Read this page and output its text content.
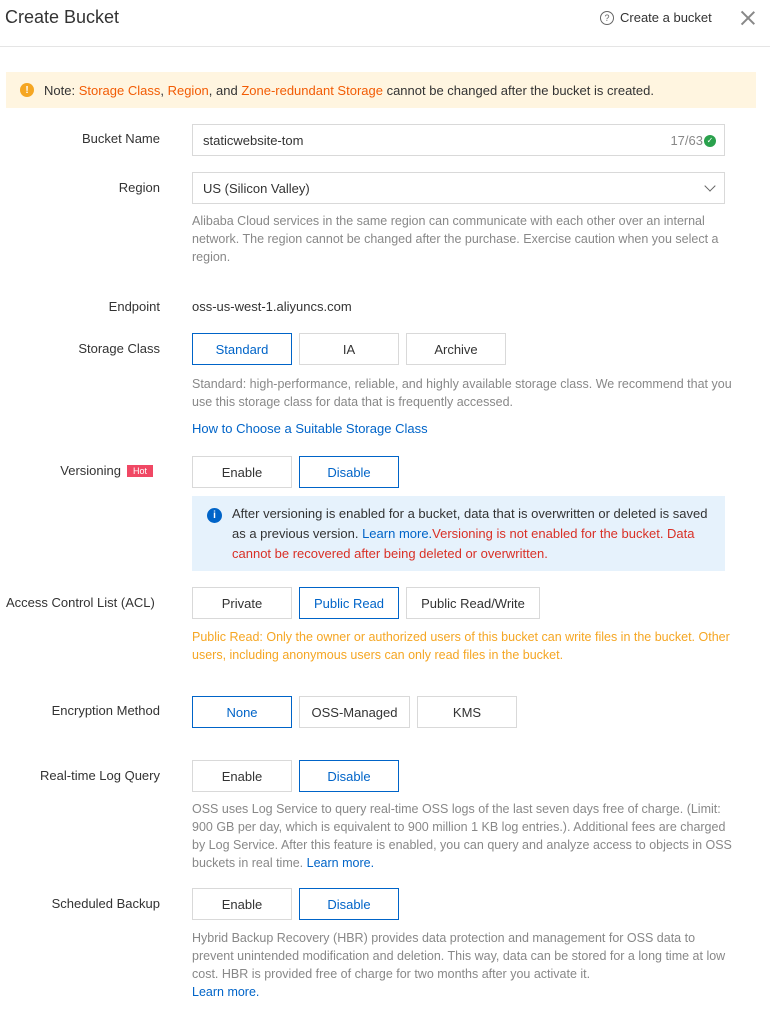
Create Bucket	? Create a bucket
!	Note: Storage Class, Region, and Zone-redundant Storage cannot be changed after the bucket is created.
Bucket Name	staticwebsite-tom	17/63 ✓
Region	US (Silicon Valley)
Alibaba Cloud services in the same region can communicate with each other over an internal network. The region cannot be changed after the purchase. Exercise caution when you select a region.
Endpoint oss-us-west-1.aliyuncs.com
Storage Class	Standard	IA	Archive
Standard: high-performance, reliable, and highly available storage class. We recommend that you use this storage class for data that is frequently accessed.
How to Choose a Suitable Storage Class
Versioning Hot	Enable	Disable
i	After versioning is enabled for a bucket, data that is overwritten or deleted is saved as a previous version. Learn more.Versioning is not enabled for the bucket. Data cannot be recovered after being deleted or overwritten.
Access Control List (ACL)	Private	Public Read	Public Read/Write
Public Read: Only the owner or authorized users of this bucket can write files in the bucket. Other users, including anonymous users can only read files in the bucket.
Encryption Method	None	OSS-Managed	KMS
Real-time Log Query	Enable	Disable
OSS uses Log Service to query real-time OSS logs of the last seven days free of charge. (Limit: 900 GB per day, which is equivalent to 900 million 1 KB log entries.). Additional fees are charged by Log Service. After this feature is enabled, you can query and analyze access to objects in OSS buckets in real time. Learn more.
Scheduled Backup	Enable	Disable
Hybrid Backup Recovery (HBR) provides data protection and management for OSS data to prevent unintended modification and deletion. This way, data can be stored for a long time at low cost. HBR is provided free of charge for two months after you activate it.
Learn more.
